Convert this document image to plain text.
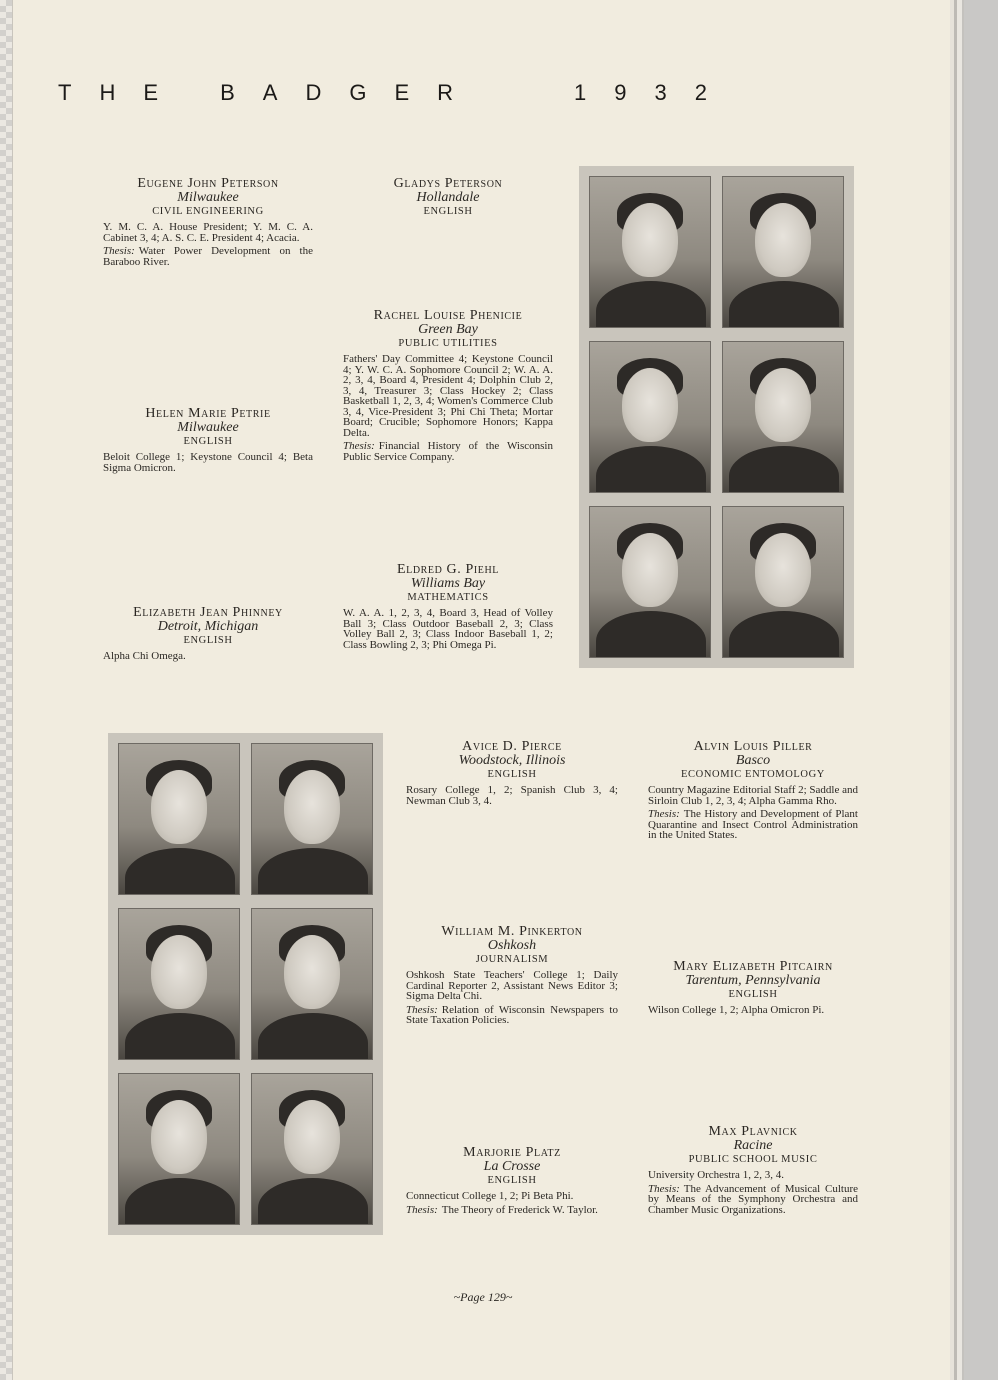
THE BADGER	1932
Eugene John Peterson
Milwaukee
CIVIL ENGINEERING
Y. M. C. A. House President; Y. M. C. A. Cabinet 3, 4; A. S. C. E. President 4; Acacia.
Thesis: Water Power Development on the Baraboo River.
Gladys Peterson
Hollandale
ENGLISH
Rachel Louise Phenicie
Green Bay
PUBLIC UTILITIES
Fathers' Day Committee 4; Keystone Council 4; Y. W. C. A. Sophomore Council 2; W. A. A. 2, 3, 4, Board 4, President 4; Dolphin Club 2, 3, 4, Treasurer 3; Class Hockey 2; Class Basketball 1, 2, 3, 4; Women's Commerce Club 3, 4, Vice-President 3; Phi Chi Theta; Mortar Board; Crucible; Sophomore Honors; Kappa Delta.
Thesis: Financial History of the Wisconsin Public Service Company.
Helen Marie Petrie
Milwaukee
ENGLISH
Beloit College 1; Keystone Council 4; Beta Sigma Omicron.
Eldred G. Piehl
Williams Bay
MATHEMATICS
W. A. A. 1, 2, 3, 4, Board 3, Head of Volley Ball 3; Class Outdoor Baseball 2, 3; Class Volley Ball 2, 3; Class Indoor Baseball 1, 2; Class Bowling 2, 3; Phi Omega Pi.
Elizabeth Jean Phinney
Detroit, Michigan
ENGLISH
Alpha Chi Omega.
Avice D. Pierce
Woodstock, Illinois
ENGLISH
Rosary College 1, 2; Spanish Club 3, 4; Newman Club 3, 4.
Alvin Louis Piller
Basco
ECONOMIC ENTOMOLOGY
Country Magazine Editorial Staff 2; Saddle and Sirloin Club 1, 2, 3, 4; Alpha Gamma Rho.
Thesis: The History and Development of Plant Quarantine and Insect Control Administration in the United States.
William M. Pinkerton
Oshkosh
JOURNALISM
Oshkosh State Teachers' College 1; Daily Cardinal Reporter 2, Assistant News Editor 3; Sigma Delta Chi.
Thesis: Relation of Wisconsin Newspapers to State Taxation Policies.
Mary Elizabeth Pitcairn
Tarentum, Pennsylvania
ENGLISH
Wilson College 1, 2; Alpha Omicron Pi.
Marjorie Platz
La Crosse
ENGLISH
Connecticut College 1, 2; Pi Beta Phi.
Thesis: The Theory of Frederick W. Taylor.
Max Plavnick
Racine
PUBLIC SCHOOL MUSIC
University Orchestra 1, 2, 3, 4.
Thesis: The Advancement of Musical Culture by Means of the Symphony Orchestra and Chamber Music Organizations.
~Page 129~
